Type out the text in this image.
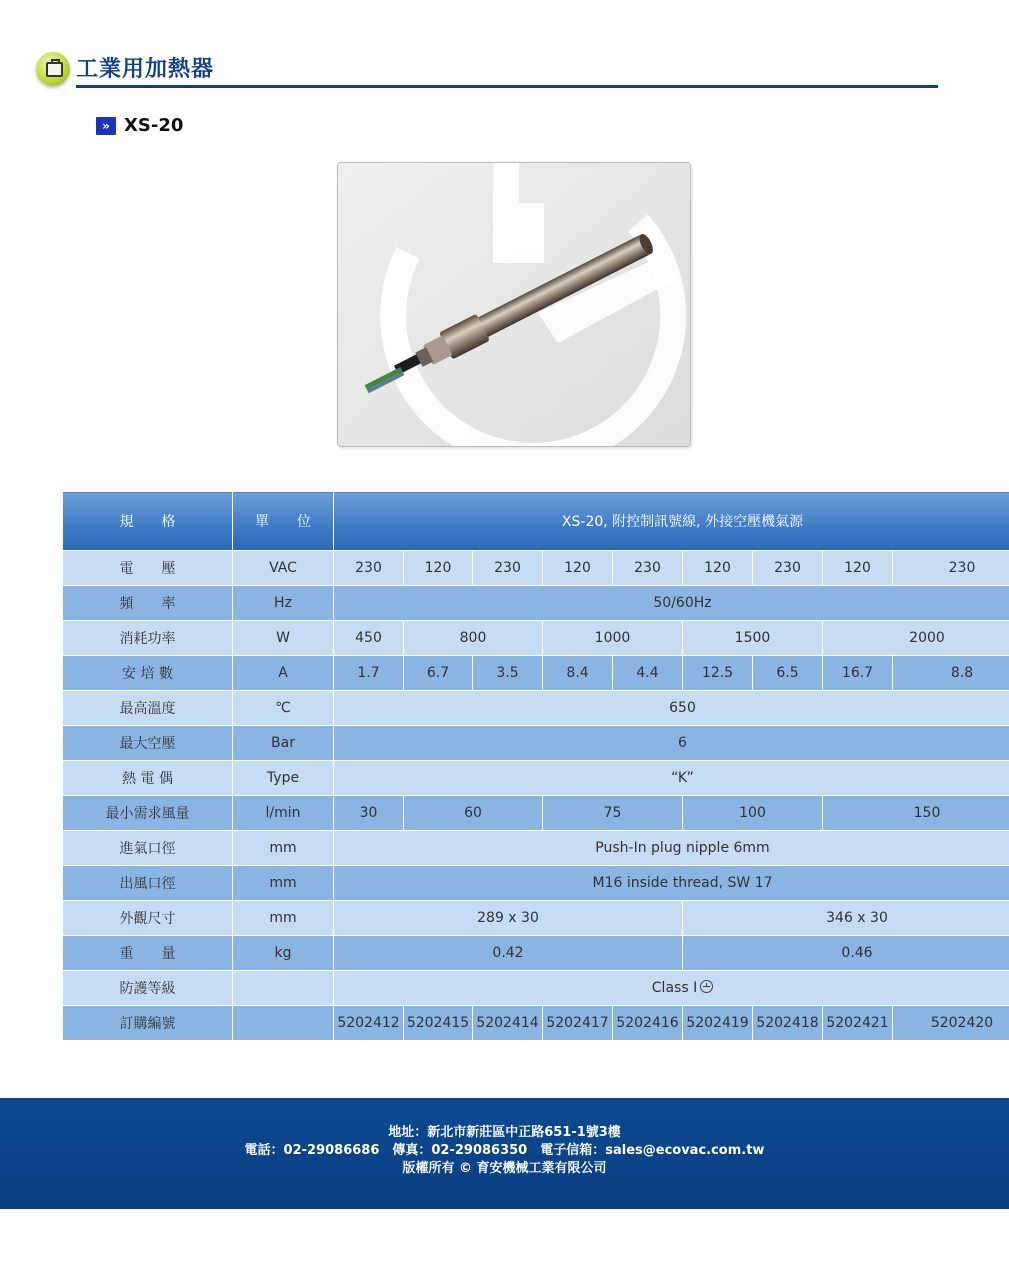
工業用加熱器
» XS-20
規　　格	單　　位	XS-20, 附控制訊號線, 外接空壓機氣源								
電　　壓	VAC	230	120	230	120	230	120	230	120	230
頻　　率	Hz	50/60Hz								
消耗功率	W	450	800		1000		1500		2000	
安 培 數	A	1.7	6.7	3.5	8.4	4.4	12.5	6.5	16.7	8.8
最高溫度	℃	650								
最大空壓	Bar	6								
熱 電 偶	Type	“K”								
最小需求風量	l/min	30	60		75		100		150	
進氣口徑	mm	Push-In plug nipple 6mm								
出風口徑	mm	M16 inside thread, SW 17								
外觀尺寸	mm	289 x 30					346 x 30			
重　　量	kg	0.42					0.46			
防護等級		Class I								
訂購編號		5202412	5202415	5202414	5202417	5202416	5202419	5202418	5202421	5202420
地址：新北市新莊區中正路651-1號3樓
電話：02-29086686　傳真：02-29086350　電子信箱：sales@ecovac.com.tw
版權所有 © 育安機械工業有限公司
